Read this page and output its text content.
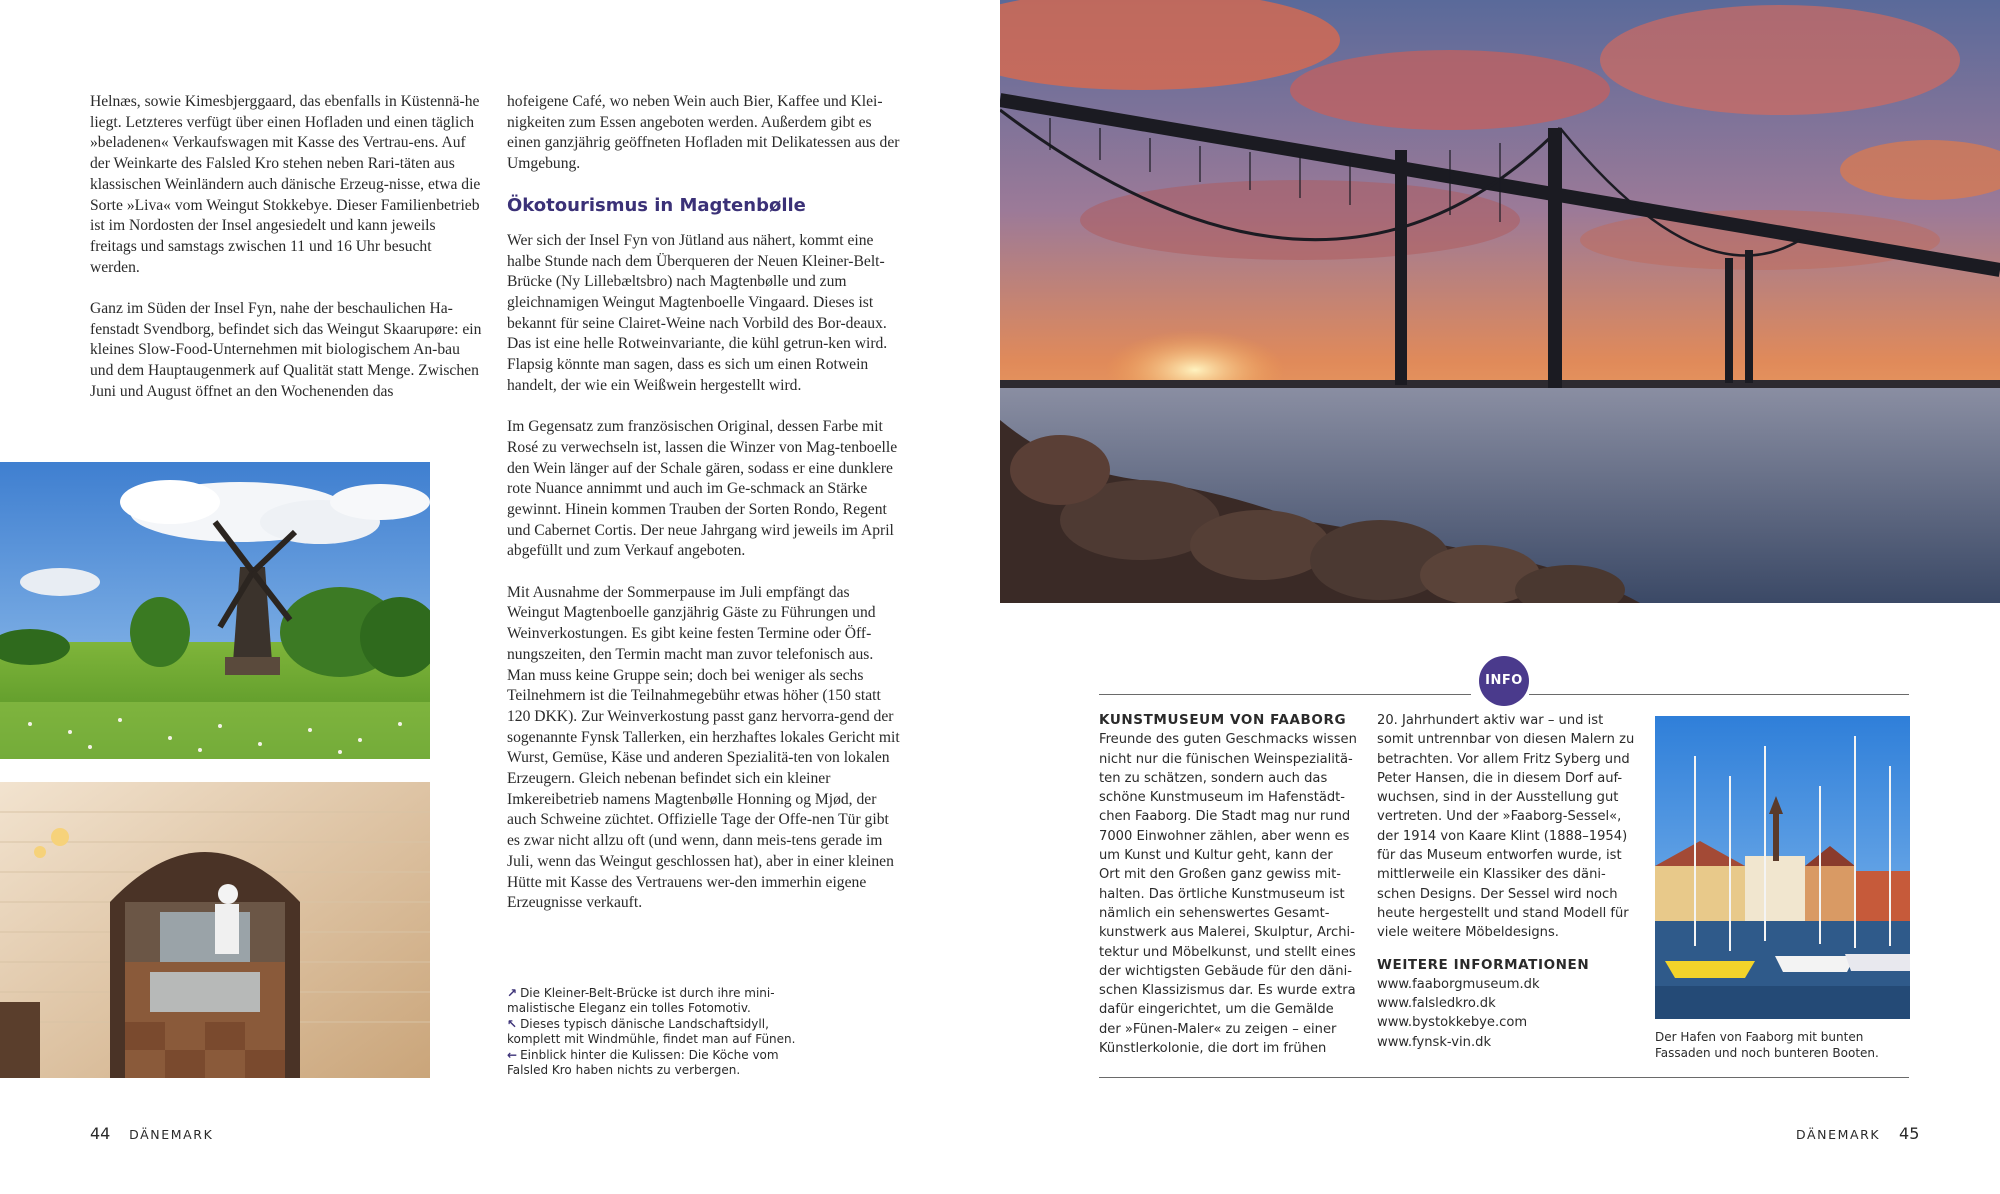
Helnæs, sowie Kimesbjerggaard, das ebenfalls in Küstennä-he liegt. Letzteres verfügt über einen Hofladen und einen täglich »beladenen« Verkaufswagen mit Kasse des Vertrau-ens. Auf der Weinkarte des Falsled Kro stehen neben Rari-täten aus klassischen Weinländern auch dänische Erzeug-nisse, etwa die Sorte »Liva« vom Weingut Stokkebye. Dieser Familienbetrieb ist im Nordosten der Insel angesiedelt und kann jeweils freitags und samstags zwischen 11 und 16 Uhr besucht werden.

Ganz im Süden der Insel Fyn, nahe der beschaulichen Ha-fenstadt Svendborg, befindet sich das Weingut Skaarupøre: ein kleines Slow-Food-Unternehmen mit biologischem An-bau und dem Hauptaugenmerk auf Qualität statt Menge. Zwischen Juni und August öffnet an den Wochenenden das

hofeigene Café, wo neben Wein auch Bier, Kaffee und Klei-nigkeiten zum Essen angeboten werden. Außerdem gibt es einen ganzjährig geöffneten Hofladen mit Delikatessen aus der Umgebung.

Ökotourismus in Magtenbølle

Wer sich der Insel Fyn von Jütland aus nähert, kommt eine halbe Stunde nach dem Überqueren der Neuen Kleiner-Belt-Brücke (Ny Lillebæltsbro) nach Magtenbølle und zum gleichnamigen Weingut Magtenboelle Vingaard. Dieses ist bekannt für seine Clairet-Weine nach Vorbild des Bor-deaux. Das ist eine helle Rotweinvariante, die kühl getrun-ken wird. Flapsig könnte man sagen, dass es sich um einen Rotwein handelt, der wie ein Weißwein hergestellt wird.

Im Gegensatz zum französischen Original, dessen Farbe mit Rosé zu verwechseln ist, lassen die Winzer von Mag-tenboelle den Wein länger auf der Schale gären, sodass er eine dunklere rote Nuance annimmt und auch im Ge-schmack an Stärke gewinnt. Hinein kommen Trauben der Sorten Rondo, Regent und Cabernet Cortis. Der neue Jahrgang wird jeweils im April abgefüllt und zum Verkauf angeboten.

Mit Ausnahme der Sommerpause im Juli empfängt das Weingut Magtenboelle ganzjährig Gäste zu Führungen und Weinverkostungen. Es gibt keine festen Termine oder Öff-nungszeiten, den Termin macht man zuvor telefonisch aus. Man muss keine Gruppe sein; doch bei weniger als sechs Teilnehmern ist die Teilnahmegebühr etwas höher (150 statt 120 DKK). Zur Weinverkostung passt ganz hervorra-gend der sogenannte Fynsk Tallerken, ein herzhaftes lokales Gericht mit Wurst, Gemüse, Käse und anderen Spezialitä-ten von lokalen Erzeugern. Gleich nebenan befindet sich ein kleiner Imkereibetrieb namens Magtenbølle Honning og Mjød, der auch Schweine züchtet. Offizielle Tage der Offe-nen Tür gibt es zwar nicht allzu oft (und wenn, dann meis-tens gerade im Juli, wenn das Weingut geschlossen hat), aber in einer kleinen Hütte mit Kasse des Vertrauens wer-den immerhin eigene Erzeugnisse verkauft.

↗ Die Kleiner-Belt-Brücke ist durch ihre mini-malistische Eleganz ein tolles Fotomotiv.
↖ Dieses typisch dänische Landschaftsidyll, komplett mit Windmühle, findet man auf Fünen.
← Einblick hinter die Kulissen: Die Köche vom Falsled Kro haben nichts zu verbergen.
44 DÄNEMARK
INFO

KUNSTMUSEUM VON FAABORG

Freunde des guten Geschmacks wissen nicht nur die fünischen Weinspezialitä-ten zu schätzen, sondern auch das schöne Kunstmuseum im Hafenstädt-chen Faaborg. Die Stadt mag nur rund 7000 Einwohner zählen, aber wenn es um Kunst und Kultur geht, kann der Ort mit den Großen ganz gewiss mit-halten. Das örtliche Kunstmuseum ist nämlich ein sehenswertes Gesamt-kunstwerk aus Malerei, Skulptur, Archi-tektur und Möbelkunst, und stellt eines der wichtigsten Gebäude für den däni-schen Klassizismus dar. Es wurde extra dafür eingerichtet, um die Gemälde der »Fünen-Maler« zu zeigen – einer Künstlerkolonie, die dort im frühen

20. Jahrhundert aktiv war – und ist somit untrennbar von diesen Malern zu betrachten. Vor allem Fritz Syberg und Peter Hansen, die in diesem Dorf auf-wuchsen, sind in der Ausstellung gut vertreten. Und der »Faaborg-Sessel«, der 1914 von Kaare Klint (1888–1954) für das Museum entworfen wurde, ist mittlerweile ein Klassiker des däni-schen Designs. Der Sessel wird noch heute hergestellt und stand Modell für viele weitere Möbeldesigns.

WEITERE INFORMATIONEN

www.faaborgmuseum.dk

www.falsledkro.dk

www.bystokkebye.com

www.fynsk-vin.dk	Der Hafen von Faaborg mit bunten Fassaden und noch bunteren Booten.
DÄNEMARK 45
